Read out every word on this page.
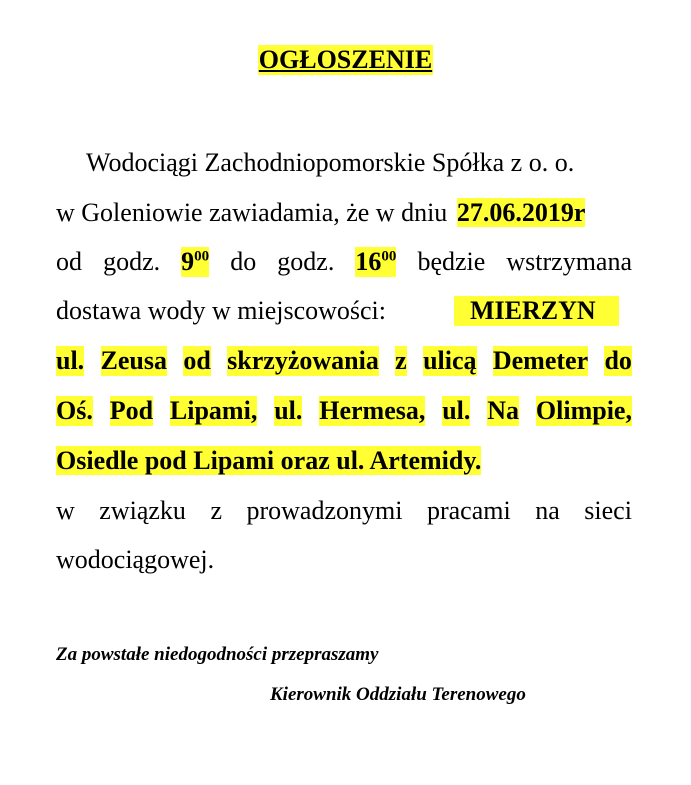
OGŁOSZENIE
Wodociągi Zachodniopomorskie Spółka z o. o.
w Goleniowie zawiadamia, że w dniu 27.06.2019r
od godz. $9^{00}$ do godz. $16^{00}$ będzie wstrzymana
dostawa wody w miejscowości:	MIERZYN
ul. Zeusa od skrzyżowania z ulicą Demeter do
Oś. Pod Lipami, ul. Hermesa, ul. Na Olimpie,
Osiedle pod Lipami oraz ul. Artemidy.
w związku z prowadzonymi pracami na sieci
wodociągowej.
Za powstałe niedogodności przepraszamy
Kierownik Oddziału Terenowego
